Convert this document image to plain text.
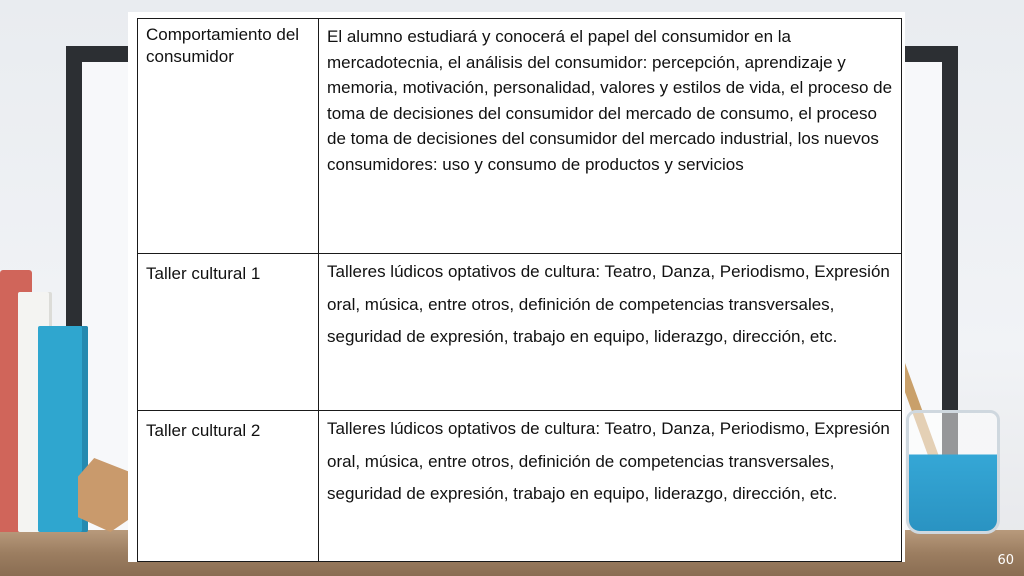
Comportamiento del consumidor	El alumno estudiará y conocerá el papel del consumidor en la mercadotecnia, el análisis del consumidor: percepción, aprendizaje y memoria, motivación, personalidad, valores y estilos de vida, el proceso de toma de decisiones del consumidor del mercado de consumo, el proceso de toma de decisiones del consumidor del mercado industrial, los nuevos consumidores: uso y consumo de productos y servicios
Taller cultural 1	Talleres lúdicos optativos de cultura: Teatro, Danza, Periodismo, Expresión oral, música, entre otros, definición de competencias transversales, seguridad de expresión, trabajo en equipo, liderazgo, dirección, etc.
Taller cultural 2	Talleres lúdicos optativos de cultura: Teatro, Danza, Periodismo, Expresión oral, música, entre otros, definición de competencias transversales, seguridad de expresión, trabajo en equipo, liderazgo, dirección, etc.
60
